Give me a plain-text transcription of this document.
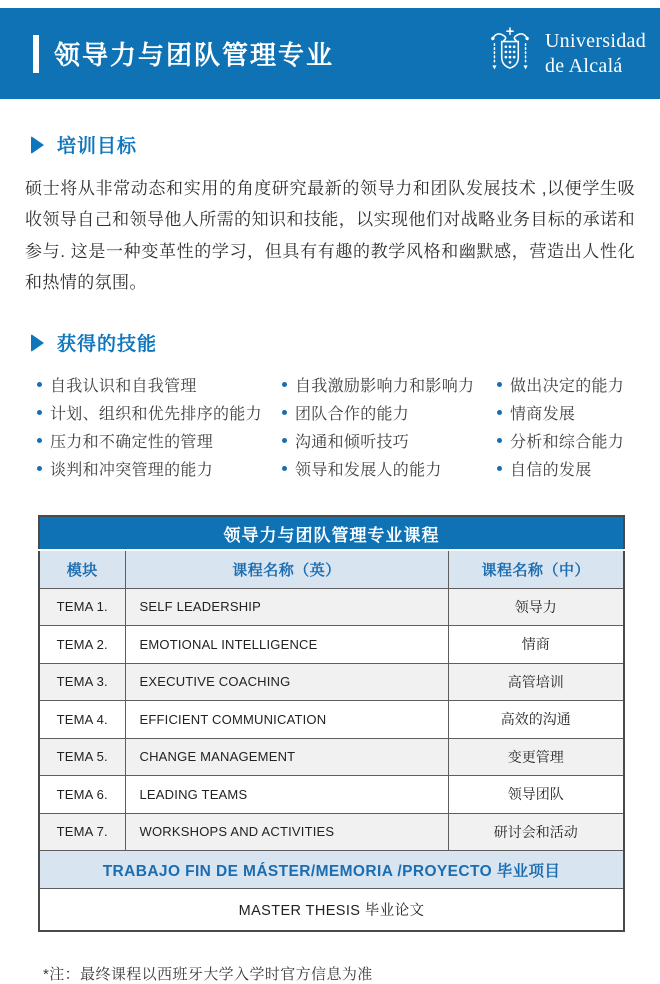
领导力与团队管理专业	Universidad
de Alcalá
培训目标

硕士将从非常动态和实用的角度研究最新的领导力和团队发展技术 ,以便学生吸收领导自己和领导他人所需的知识和技能，以实现他们对战略业务目标的承诺和参与. 这是一种变革性的学习，但具有有趣的教学风格和幽默感，营造出人性化和热情的氛围。

获得的技能
自我认识和自我管理
计划、组织和优先排序的能力
压力和不确定性的管理
谈判和冲突管理的能力
自我激励影响力和影响力
团队合作的能力
沟通和倾听技巧
领导和发展人的能力
做出决定的能力
情商发展
分析和综合能力
自信的发展
领导力与团队管理专业课程		
模块	课程名称（英）	课程名称（中）
TEMA 1.	SELF LEADERSHIP	领导力
TEMA 2.	EMOTIONAL INTELLIGENCE	情商
TEMA 3.	EXECUTIVE COACHING	高管培训
TEMA 4.	EFFICIENT COMMUNICATION	高效的沟通
TEMA 5.	CHANGE MANAGEMENT	变更管理
TEMA 6.	LEADING TEAMS	领导团队
TEMA 7.	WORKSHOPS AND ACTIVITIES	研讨会和活动
TRABAJO FIN DE MÁSTER/MEMORIA /PROYECTO 毕业项目		
MASTER THESIS 毕业论文		

*注：最终课程以西班牙大学入学时官方信息为准
